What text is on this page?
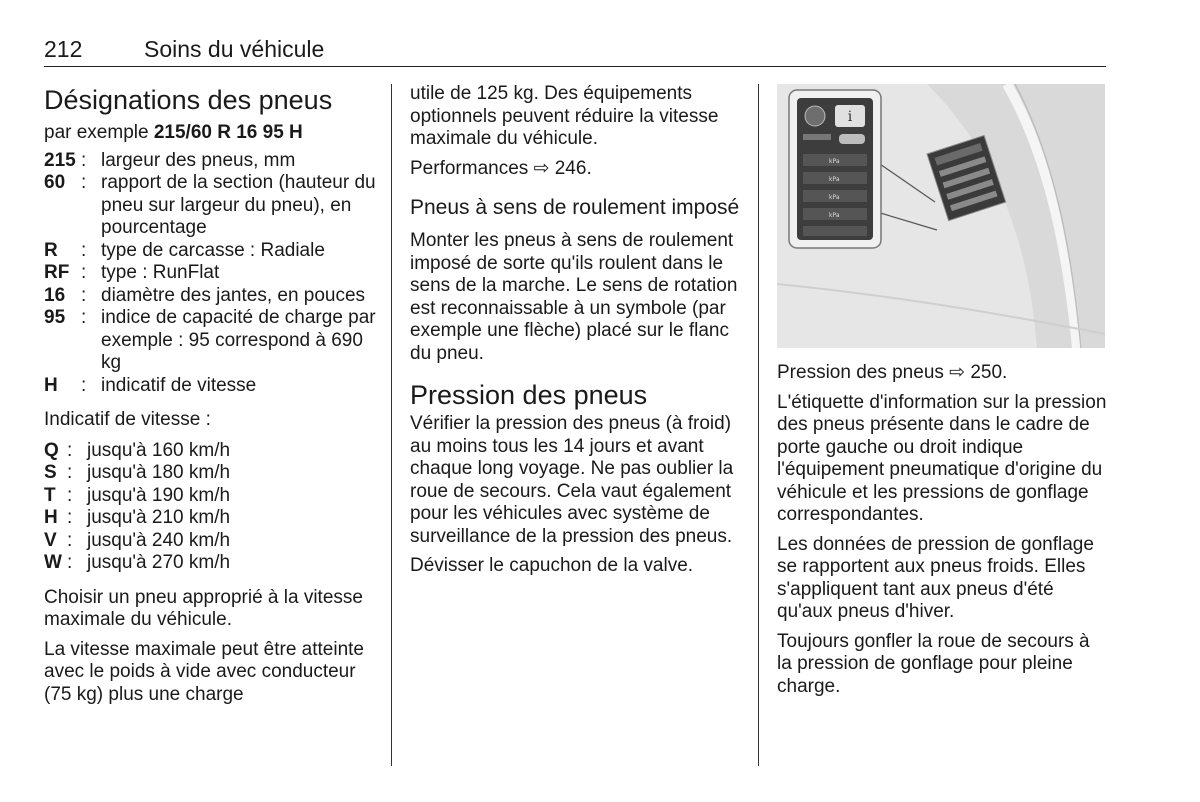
212	Soins du véhicule
Désignations des pneus

par exemple 215/60 R 16 95 H

215	:	largeur des pneus, mm
60	:	rapport de la section (hauteur du pneu sur largeur du pneu), en pourcentage
R	:	type de carcasse : Radiale
RF	:	type : RunFlat
16	:	diamètre des jantes, en pouces
95	:	indice de capacité de charge par exemple : 95 correspond à 690 kg
H	:	indicatif de vitesse

Indicatif de vitesse :

Q	:	jusqu'à 160 km/h
S	:	jusqu'à 180 km/h
T	:	jusqu'à 190 km/h
H	:	jusqu'à 210 km/h
V	:	jusqu'à 240 km/h
W	:	jusqu'à 270 km/h

Choisir un pneu approprié à la vitesse maximale du véhicule.

La vitesse maximale peut être atteinte avec le poids à vide avec conducteur (75 kg) plus une charge

utile de 125 kg. Des équipements optionnels peuvent réduire la vitesse maximale du véhicule.

Performances ⇨ 246.

Pneus à sens de roulement imposé

Monter les pneus à sens de roulement imposé de sorte qu'ils roulent dans le sens de la marche. Le sens de rotation est reconnaissable à un symbole (par exemple une flèche) placé sur le flanc du pneu.

Pression des pneus

Vérifier la pression des pneus (à froid) au moins tous les 14 jours et avant chaque long voyage. Ne pas oublier la roue de secours. Cela vaut également pour les véhicules avec système de surveillance de la pression des pneus.

Dévisser le capuchon de la valve.

i
kPa
kPa
kPa
kPa

Pression des pneus ⇨ 250.

L'étiquette d'information sur la pression des pneus présente dans le cadre de porte gauche ou droit indique l'équipement pneumatique d'origine du véhicule et les pressions de gonflage correspondantes.

Les données de pression de gonflage se rapportent aux pneus froids. Elles s'appliquent tant aux pneus d'été qu'aux pneus d'hiver.

Toujours gonfler la roue de secours à la pression de gonflage pour pleine charge.
